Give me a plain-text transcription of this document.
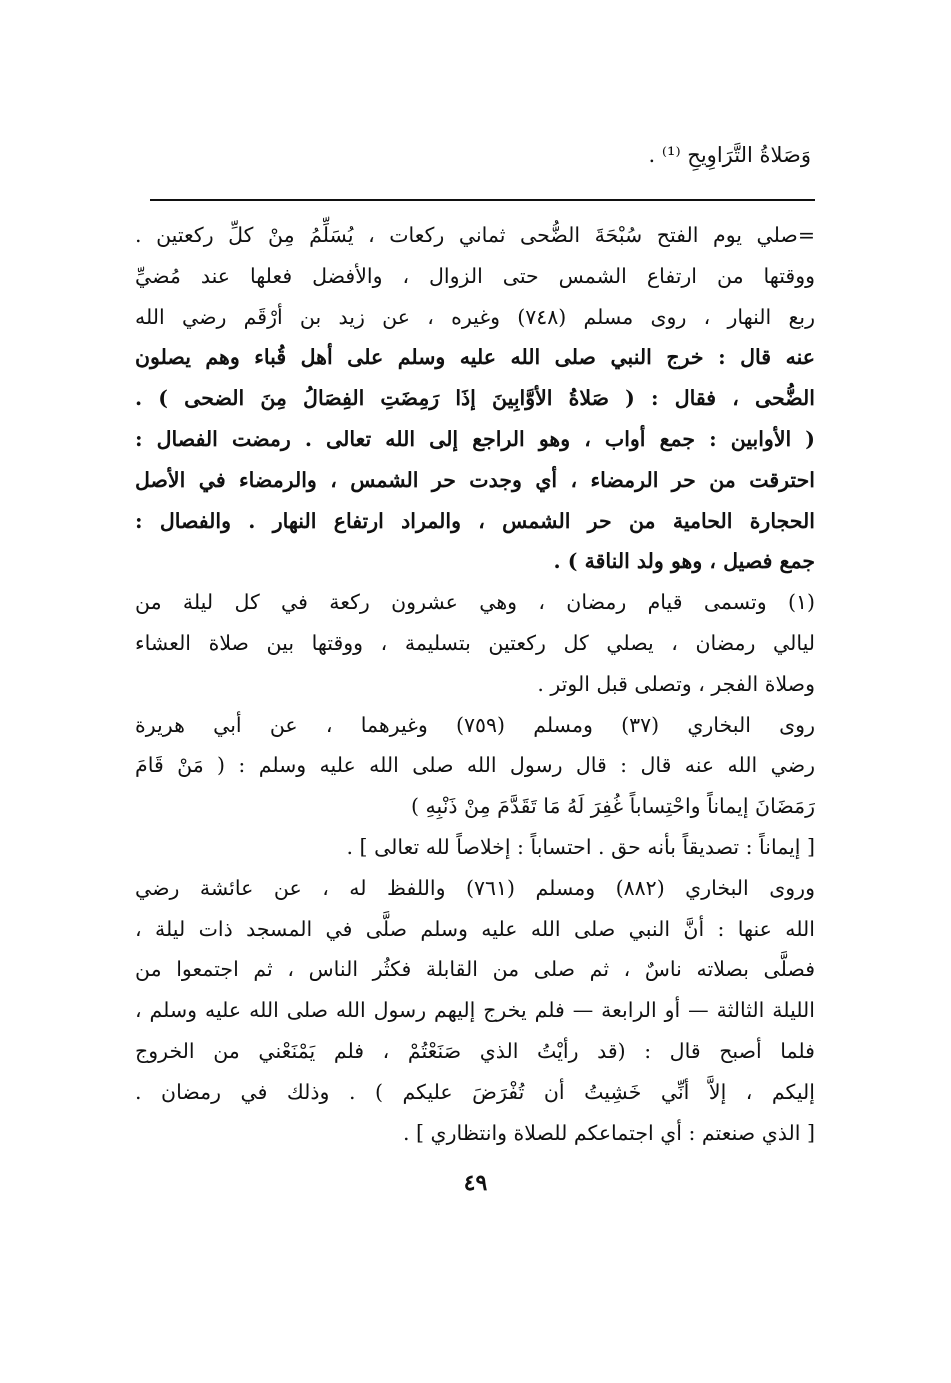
وَصَلاةُ التَّرَاوِيحِ ⁽¹⁾ .
=صلي يوم الفتح سُبْحَةَ الضُّحى ثماني ركعات ، يُسَلِّمُ مِنْ كلِّ ركعتين .
ووقتها من ارتفاع الشمس حتى الزوال ، والأفضل فعلها عند مُضيِّ
ربع النهار ، روى مسلم (٧٤٨) وغيره ، عن زيد بن أرْقَم رضي الله
عنه قال : خرج النبي صلى الله عليه وسلم على أهل قُباء وهم يصلون
الضُّحى ، فقال : ( صَلاةُ الأوَّابِينَ إذَا رَمِضَتِ الفِصَالُ مِنَ الضحى ) .
( الأوابين : جمع أواب ، وهو الراجع إلى الله تعالى . رمضت الفصال :
احترقت من حر الرمضاء ، أي وجدت حر الشمس ، والرمضاء في الأصل
الحجارة الحامية من حر الشمس ، والمراد ارتفاع النهار . والفصال :
جمع فصيل ، وهو ولد الناقة ) .
(١) وتسمى قيام رمضان ، وهي عشرون ركعة في كل ليلة من
ليالي رمضان ، يصلي كل ركعتين بتسليمة ، ووقتها بين صلاة العشاء
وصلاة الفجر ، وتصلى قبل الوتر .
روى البخاري (٣٧) ومسلم (٧٥٩) وغيرهما ، عن أبي هريرة
رضي الله عنه قال : قال رسول الله صلى الله عليه وسلم : ( مَنْ قَامَ
رَمَضَانَ إيماناً واحْتِساباً غُفِرَ لَهُ مَا تَقَدَّمَ مِنْ ذَنْبِهِ )
[ إيماناً : تصديقاً بأنه حق . احتساباً : إخلاصاً لله تعالى ] .
وروى البخاري (٨٨٢) ومسلم (٧٦١) واللفظ له ، عن عائشة رضي
الله عنها : أنَّ النبي صلى الله عليه وسلم صلَّى في المسجد ذات ليلة ،
فصلَّى بصلاته ناسٌ ، ثم صلى من القابلة فكثُر الناس ، ثم اجتمعوا من
الليلة الثالثة — أو الرابعة — فلم يخرج إليهم رسول الله صلى الله عليه وسلم ،
فلما أصبح قال : (قد رأيْتُ الذي صَنَعْتُمْ ، فلم يَمْنَعْني من الخروج
إليكم ، إلاَّ أنِّي خَشِيتُ أن تُفْرَضَ عليكم ) . وذلك في رمضان .
[ الذي صنعتم : أي اجتماعكم للصلاة وانتظاري ] .
٤٩
